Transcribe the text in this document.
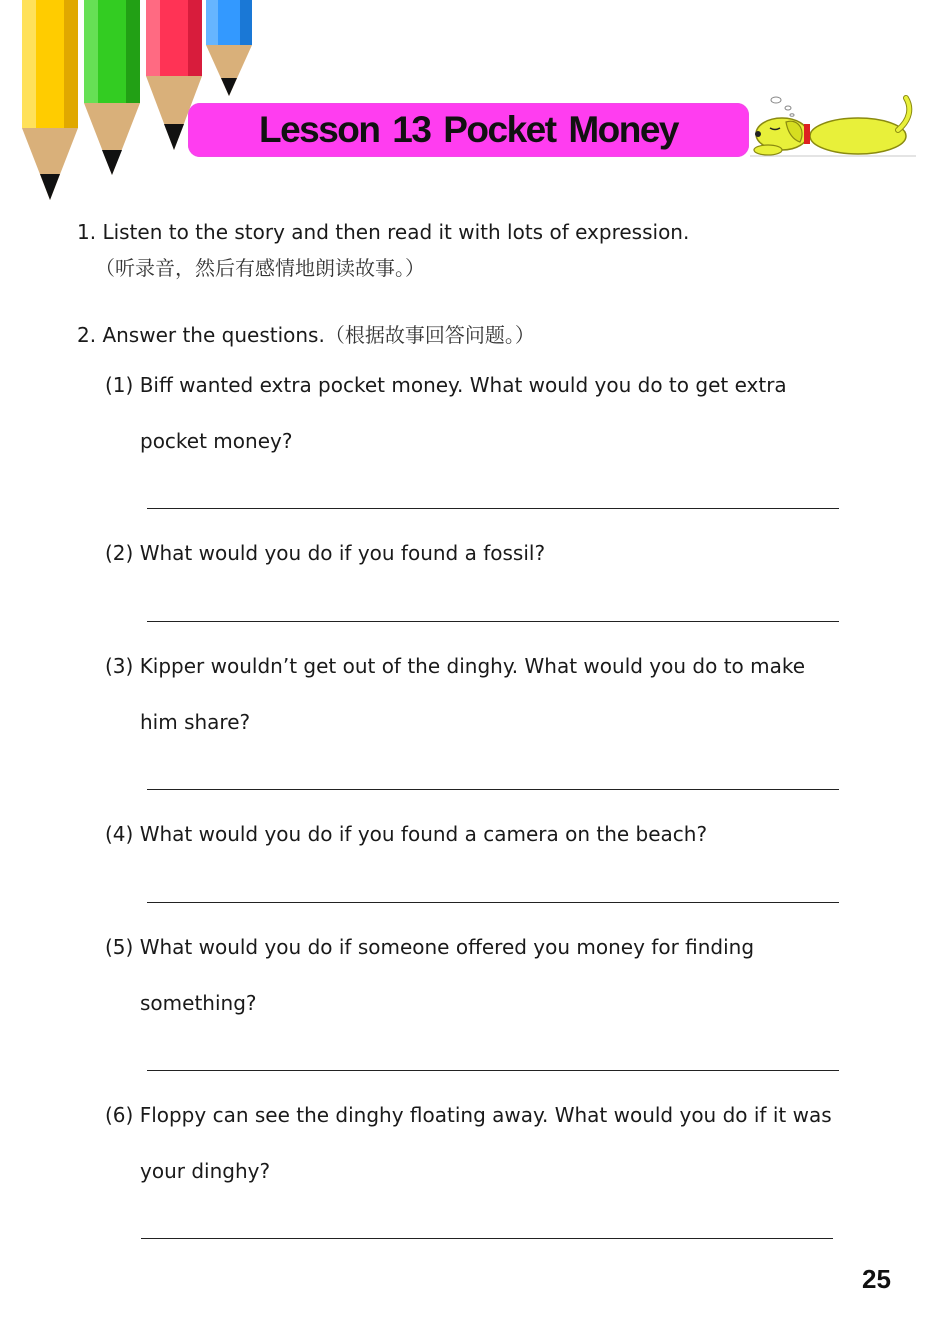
Lesson 13 Pocket Money
1. Listen to the story and then read it with lots of expression.
（听录音，然后有感情地朗读故事。）
2. Answer the questions.（根据故事回答问题。）
(1) Biff wanted extra pocket money. What would you do to get extra
pocket money?
(2) What would you do if you found a fossil?
(3) Kipper wouldn’t get out of the dinghy. What would you do to make
him share?
(4) What would you do if you found a camera on the beach?
(5) What would you do if someone offered you money for finding
something?
(6) Floppy can see the dinghy floating away. What would you do if it was
your dinghy?
25
